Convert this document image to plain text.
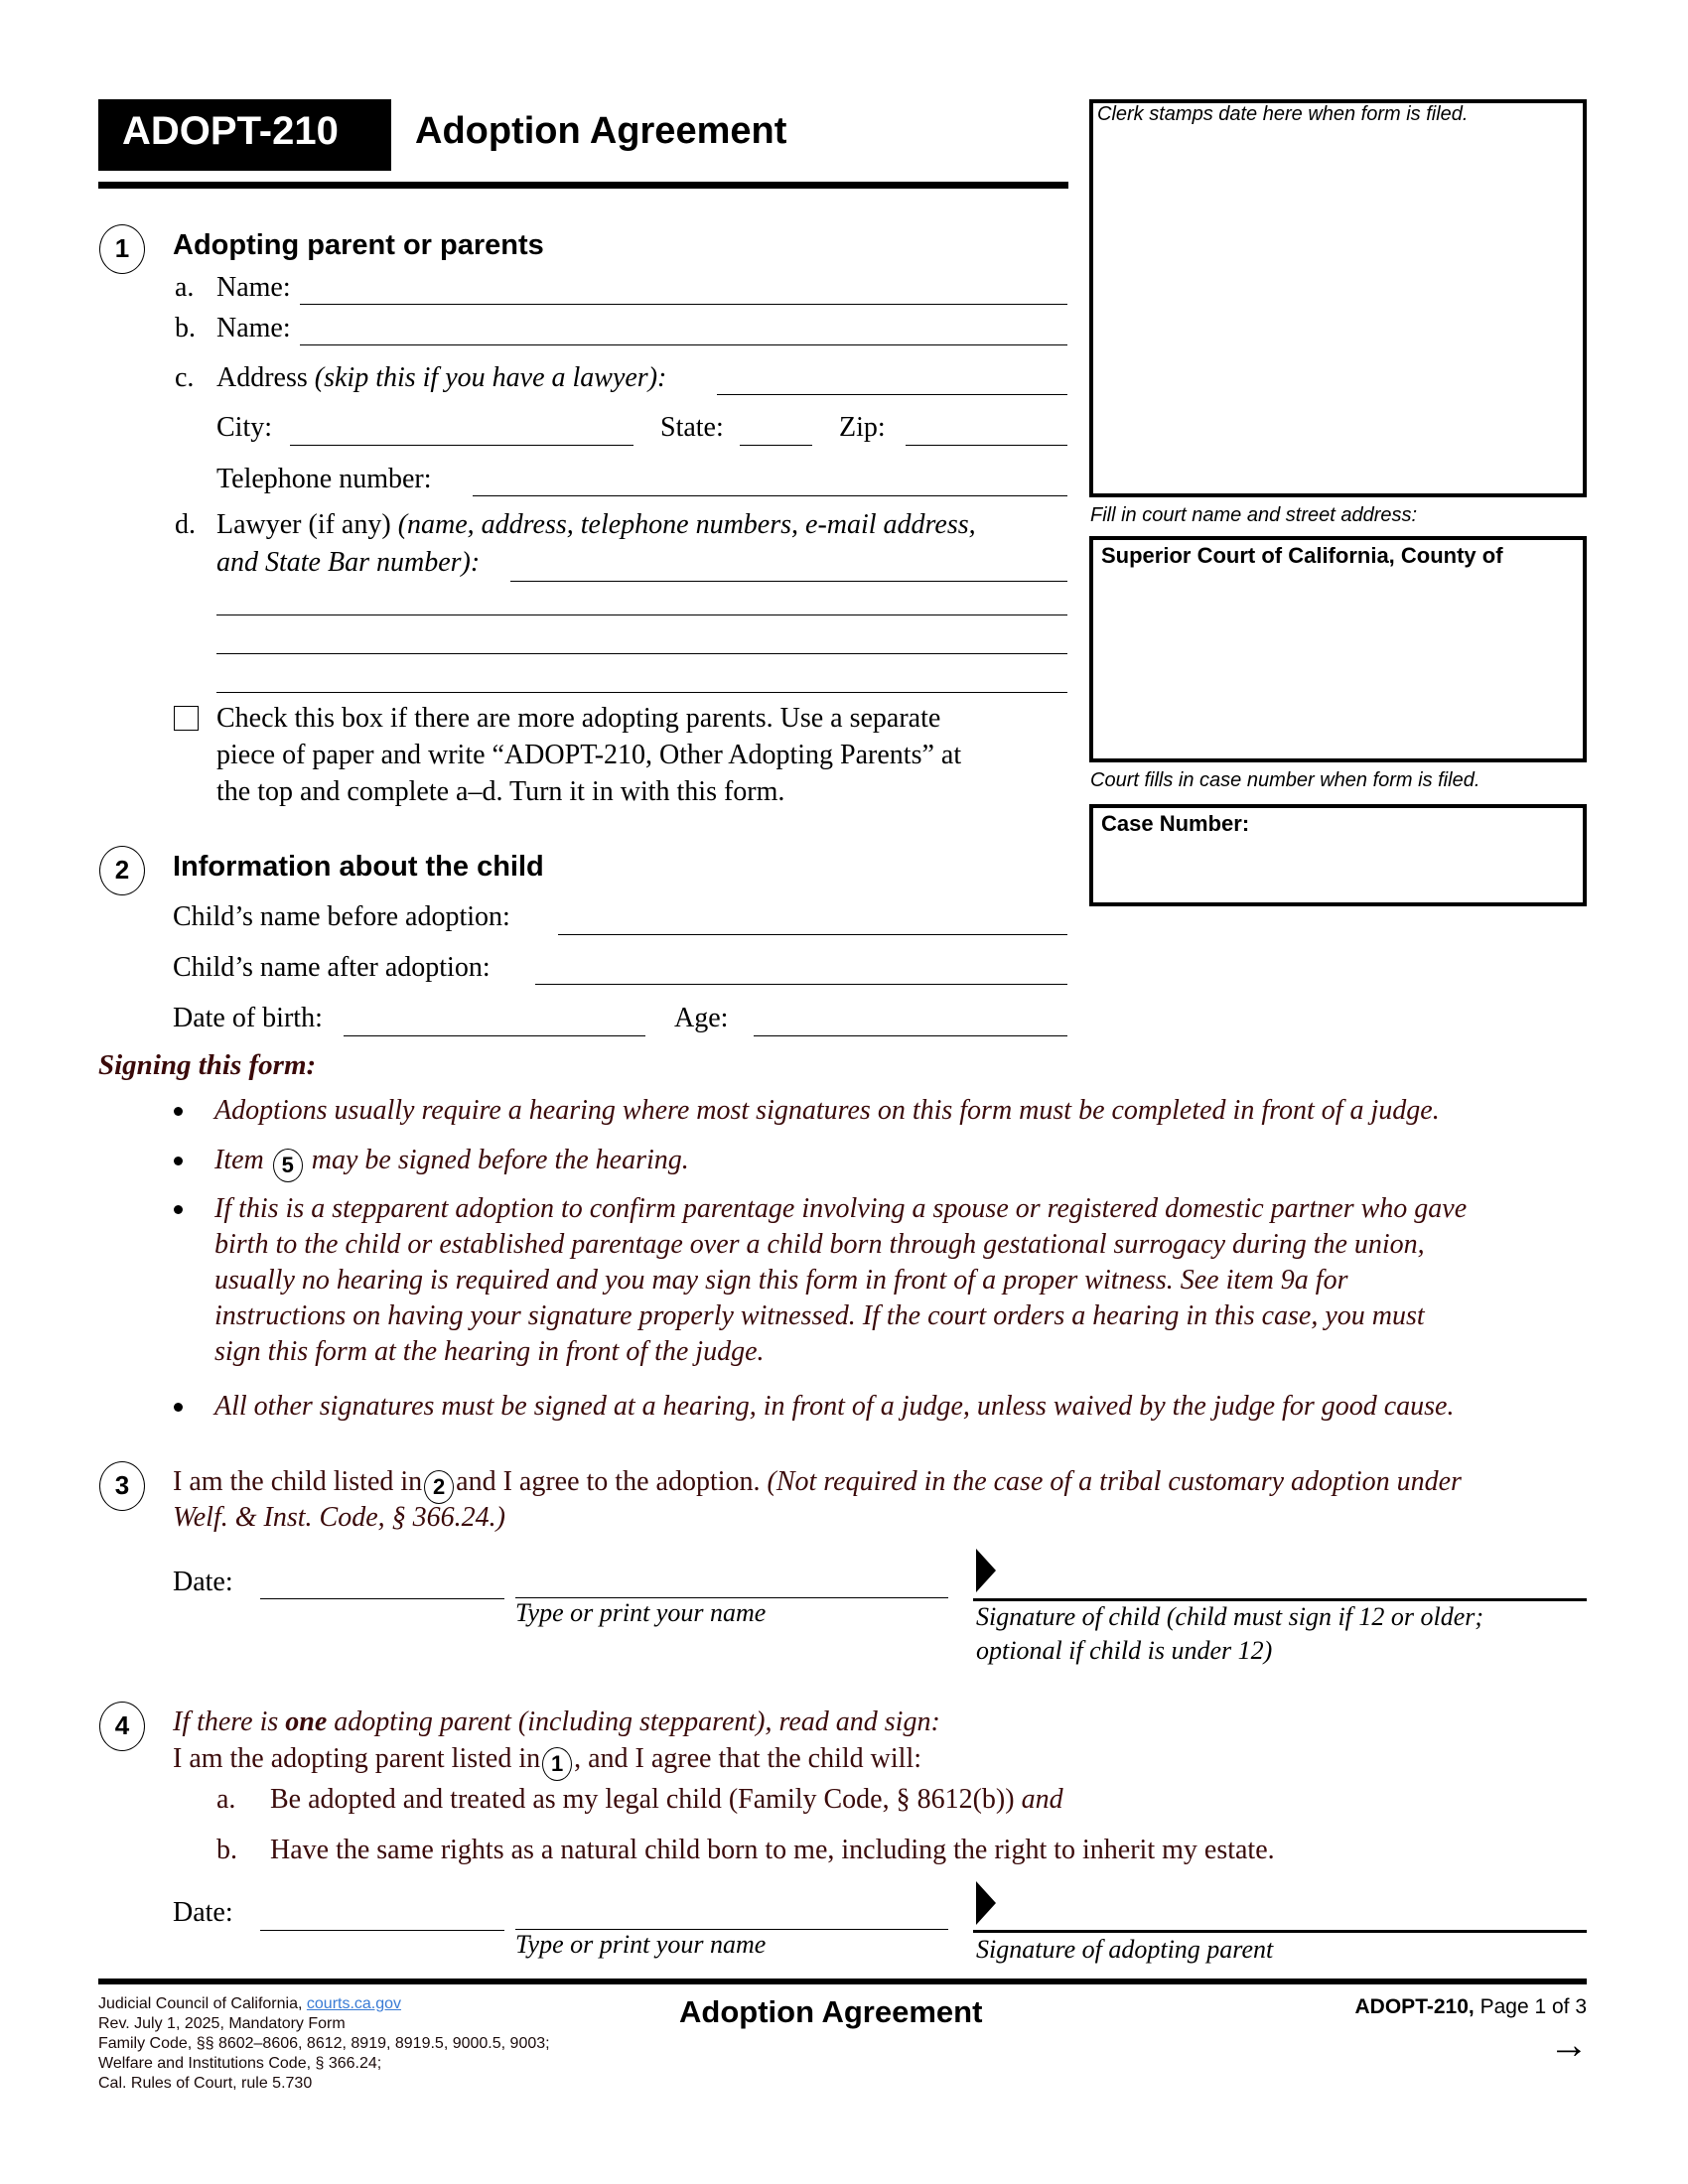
ADOPT-210 Adoption Agreement	Clerk stamps date here when form is filed.
Fill in court name and street address:
Superior Court of California, County of
Court fills in case number when form is filed.
Case Number:
1	Adopting parent or parents
a. Name:
b. Name:
c. Address (skip this if you have a lawyer):
City:	State:	Zip:
Telephone number:
d. Lawyer (if any) (name, address, telephone numbers, e-mail address,
and State Bar number):
Check this box if there are more adopting parents. Use a separate
piece of paper and write “ADOPT-210, Other Adopting Parents” at
the top and complete a–d. Turn it in with this form.
2	Information about the child
Child’s name before adoption:
Child’s name after adoption:
Date of birth:	Age:
Signing this form:
Adoptions usually require a hearing where most signatures on this form must be completed in front of a judge.
Item 5 may be signed before the hearing.
If this is a stepparent adoption to confirm parentage involving a spouse or registered domestic partner who gave
birth to the child or established parentage over a child born through gestational surrogacy during the union,
usually no hearing is required and you may sign this form in front of a proper witness. See item 9a for
instructions on having your signature properly witnessed. If the court orders a hearing in this case, you must
sign this form at the hearing in front of the judge.
All other signatures must be signed at a hearing, in front of a judge, unless waived by the judge for good cause.
3	I am the child listed in 2 and I agree to the adoption. (Not required in the case of a tribal customary adoption under
Welf. & Inst. Code, § 366.24.)
Date:
Type or print your name	Signature of child (child must sign if 12 or older;
optional if child is under 12)
4	If there is one adopting parent (including stepparent), read and sign:
I am the adopting parent listed in 1 , and I agree that the child will:
a. Be adopted and treated as my legal child (Family Code, § 8612(b)) and
b. Have the same rights as a natural child born to me, including the right to inherit my estate.
Date:
Type or print your name	Signature of adopting parent
Judicial Council of California, courts.ca.gov
Rev. July 1, 2025, Mandatory Form
Family Code, §§ 8602–8606, 8612, 8919, 8919.5, 9000.5, 9003;
Welfare and Institutions Code, § 366.24;
Cal. Rules of Court, rule 5.730
Adoption Agreement	ADOPT-210, Page 1 of 3
→
